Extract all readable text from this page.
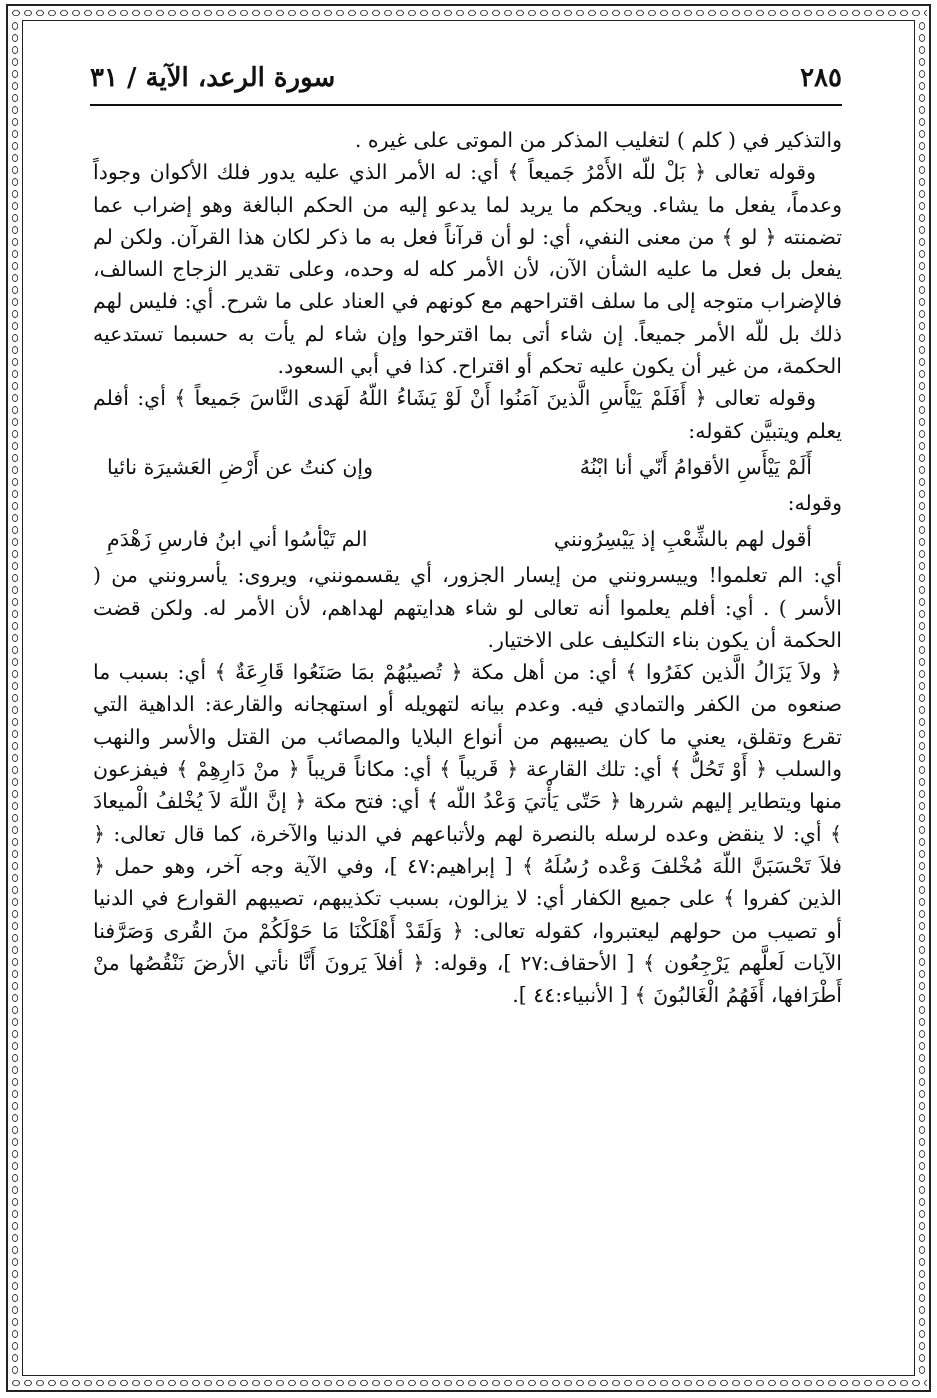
سورة الرعد، الآية / ٣١	٢٨٥

والتذكير في ( كلم ) لتغليب المذكر من الموتى على غيره .

وقوله تعالى ﴿ بَلْ للّه الأَمْرُ جَميعاً ﴾ أي: له الأمر الذي عليه يدور فلك الأكوان وجوداً وعدماً، يفعل ما يشاء. ويحكم ما يريد لما يدعو إليه من الحكم البالغة وهو إضراب عما تضمنته ﴿ لو ﴾ من معنى النفي، أي: لو أن قرآناً فعل به ما ذكر لكان هذا القرآن. ولكن لم يفعل بل فعل ما عليه الشأن الآن، لأن الأمر كله له وحده، وعلى تقدير الزجاج السالف، فالإضراب متوجه إلى ما سلف اقتراحهم مع كونهم في العناد على ما شرح. أي: فليس لهم ذلك بل للّه الأمر جميعاً. إن شاء أتى بما اقترحوا وإن شاء لم يأت به حسبما تستدعيه الحكمة، من غير أن يكون عليه تحكم أو اقتراح. كذا في أبي السعود.

وقوله تعالى ﴿ أَفَلَمْ يَيْأَسِ الَّذينَ آمَنُوا أَنْ لَوْ يَشَاءُ اللّهُ لَهَدى النَّاسَ جَميعاً ﴾ أي: أفلم يعلم ويتبيَّن كقوله:

أَلَمْ يَيْأَسِ الأقوامُ أَنّي أنا ابْنُهُ
وإن كنتُ عن أَرْضِ العَشيرَة نائيا

وقوله:

أقول لهم بالشِّعْبِ إذ يَيْسِرُونني
الم تَيْأسُوا أني ابنُ فارسِ زَهْدَمِ

أي: الم تعلموا! وييسرونني من إيسار الجزور، أي يقسمونني، ويروى: يأسرونني من ( الأسر ) . أي: أفلم يعلموا أنه تعالى لو شاء هدايتهم لهداهم، لأن الأمر له. ولكن قضت الحكمة أن يكون بناء التكليف على الاختيار.

﴿ ولاَ يَزَالُ الَّذين كفَرُوا ﴾ أي: من أهل مكة ﴿ تُصيبُهُمْ بمَا صَنَعُوا قَارِعَةٌ ﴾ أي: بسبب ما صنعوه من الكفر والتمادي فيه. وعدم بيانه لتهويله أو استهجانه والقارعة: الداهية التي تقرع وتقلق، يعني ما كان يصيبهم من أنواع البلايا والمصائب من القتل والأسر والنهب والسلب ﴿ أَوْ تَحُلُّ ﴾ أي: تلك القارعة ﴿ قَريباً ﴾ أي: مكاناً قريباً ﴿ منْ دَارِهِمْ ﴾ فيفزعون منها ويتطاير إليهم شررها ﴿ حَتّى يَأْتيَ وَعْدُ اللّه ﴾ أي: فتح مكة ﴿ إنَّ اللّهَ لاَ يُخْلفُ الْميعادَ ﴾ أي: لا ينقض وعده لرسله بالنصرة لهم ولأتباعهم في الدنيا والآخرة، كما قال تعالى: ﴿ فلاَ تَحْسَبَنَّ اللّهَ مُخْلفَ وَعْده رُسُلَهُ ﴾ [ إبراهيم:٤٧ ]، وفي الآية وجه آخر، وهو حمل ﴿ الذين كفروا ﴾ على جميع الكفار أي: لا يزالون، بسبب تكذيبهم، تصيبهم القوارع في الدنيا أو تصيب من حولهم ليعتبروا، كقوله تعالى: ﴿ وَلَقَدْ أَهْلَكْنَا مَا حَوْلَكُمْ منَ القُرى وَصَرَّفنا الآيات لَعلَّهم يَرْجِعُون ﴾ [ الأحقاف:٢٧ ]، وقوله: ﴿ أفلاَ يَرونَ أَنَّا نأتي الأرضَ نَنْقُصُها منْ أَطْرَافها، أَفَهُمُ الْغَالبُونَ ﴾ [ الأنبياء:٤٤ ].
